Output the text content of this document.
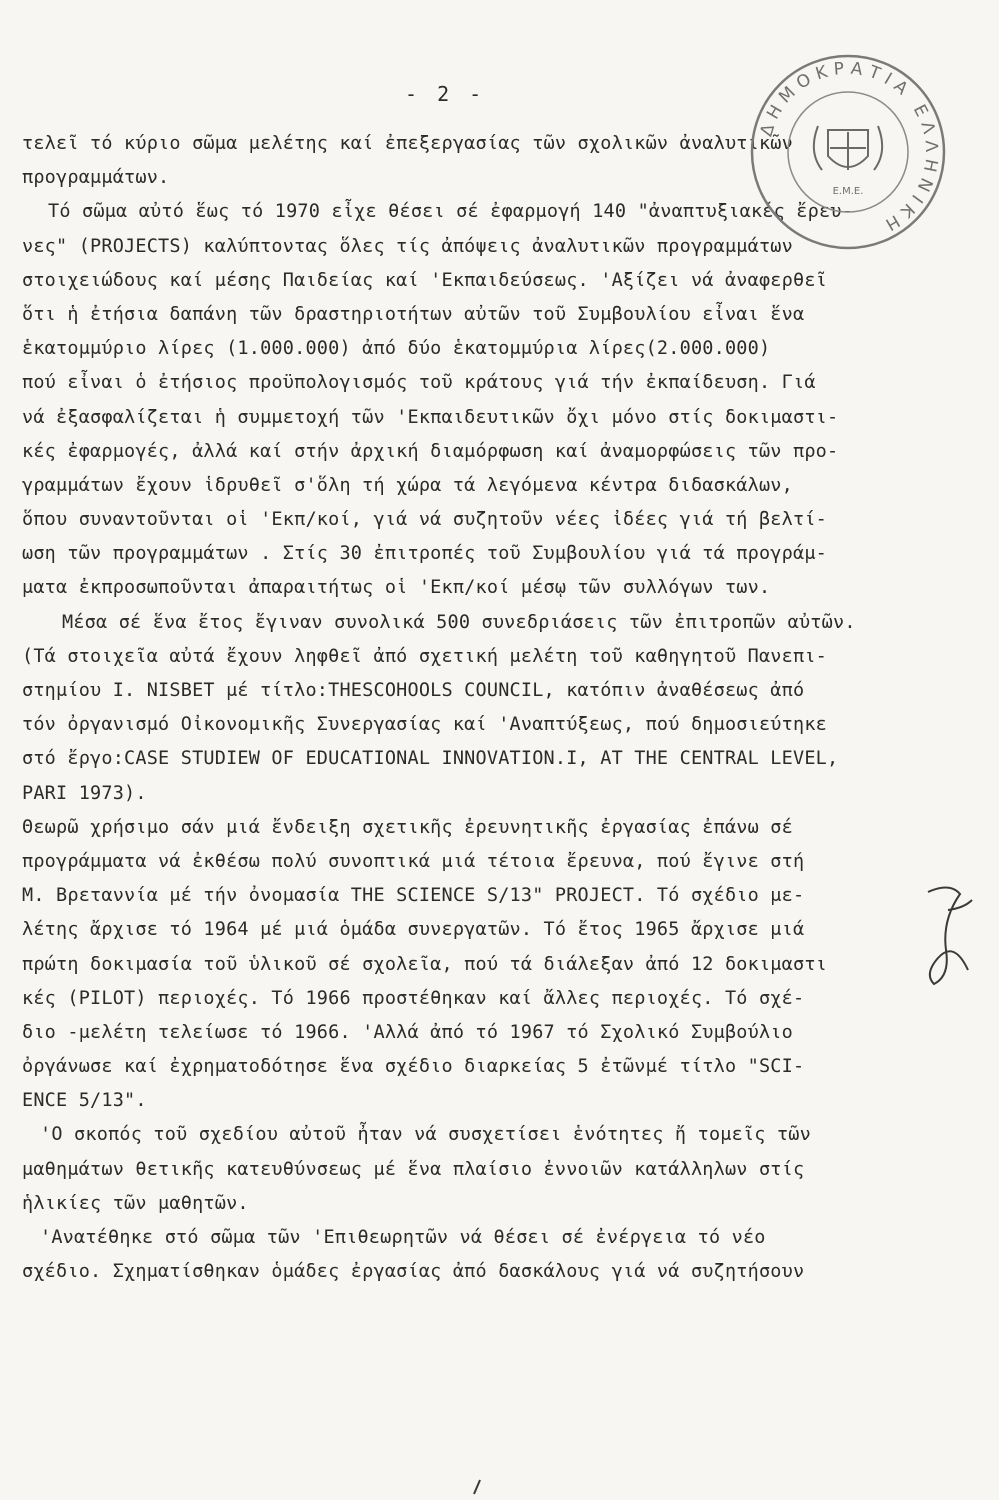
- 2 -
τελεῖ τό κύριο σῶμα μελέτης καί ἐπεξεργασίας τῶν σχολικῶν ἀναλυτικῶν
προγραμμάτων.
Τό σῶμα αὐτό ἕως τό 1970 εἶχε θέσει σέ ἐφαρμογή 140 "ἀναπτυξιακές ἔρευ-
νες" (PROJECTS) καλύπτοντας ὅλες τίς ἀπόψεις ἀναλυτικῶν προγραμμάτων
στοιχειώδους καί μέσης Παιδείας καί 'Εκπαιδεύσεως. 'Αξίζει νά ἀναφερθεῖ
ὅτι ἡ ἐτήσια δαπάνη τῶν δραστηριοτήτων αὐτῶν τοῦ Συμβουλίου εἶναι ἕνα
ἑκατομμύριο λίρες (1.000.000) ἀπό δύο ἑκατομμύρια λίρες(2.000.000)
πού εἶναι ὁ ἐτήσιος προϋπολογισμός τοῦ κράτους γιά τήν ἐκπαίδευση. Γιά
νά ἐξασφαλίζεται ἡ συμμετοχή τῶν 'Εκπαιδευτικῶν ὄχι μόνο στίς δοκιμαστι-
κές ἐφαρμογές, ἀλλά καί στήν ἀρχική διαμόρφωση καί ἀναμορφώσεις τῶν προ-
γραμμάτων ἔχουν ἱδρυθεῖ σ'ὅλη τή χώρα τά λεγόμενα κέντρα διδασκάλων,
ὅπου συναντοῦνται οἱ 'Εκπ/κοί, γιά νά συζητοῦν νέες ἰδέες γιά τή βελτί-
ωση τῶν προγραμμάτων . Στίς 30 ἐπιτροπές τοῦ Συμβουλίου γιά τά προγράμ-
ματα ἐκπροσωποῦνται ἀπαραιτήτως οἱ 'Εκπ/κοί μέσῳ τῶν συλλόγων των.
Μέσα σέ ἕνα ἔτος ἔγιναν συνολικά 500 συνεδριάσεις τῶν ἐπιτροπῶν αὐτῶν.
(Τά στοιχεῖα αὐτά ἔχουν ληφθεῖ ἀπό σχετική μελέτη τοῦ καθηγητοῦ Πανεπι-
στημίου I. NISBET μέ τίτλο:THESCOHOOLS COUNCIL, κατόπιν ἀναθέσεως ἀπό
τόν ὀργανισμό Οἰκονομικῆς Συνεργασίας καί 'Αναπτύξεως, πού δημοσιεύτηκε
στό ἔργο:CASE STUDIEW OF EDUCATIONAL INNOVATION.I, AT THE CENTRAL LEVEL,
PARI 1973).
Θεωρῶ χρήσιμο σάν μιά ἔνδειξη σχετικῆς ἐρευνητικῆς ἐργασίας ἐπάνω σέ
προγράμματα νά ἐκθέσω πολύ συνοπτικά μιά τέτοια ἔρευνα, πού ἔγινε στή
Μ. Βρεταννία μέ τήν ὀνομασία THE SCIENCE S/13" PROJECT. Τό σχέδιο με-
λέτης ἄρχισε τό 1964 μέ μιά ὁμάδα συνεργατῶν. Τό ἔτος 1965 ἄρχισε μιά
πρώτη δοκιμασία τοῦ ὑλικοῦ σέ σχολεῖα, πού τά διάλεξαν ἀπό 12 δοκιμαστι
κές (PILOT) περιοχές. Τό 1966 προστέθηκαν καί ἄλλες περιοχές. Τό σχέ-
διο -μελέτη τελείωσε τό 1966. 'Αλλά ἀπό τό 1967 τό Σχολικό Συμβούλιο
ὀργάνωσε καί ἐχρηματοδότησε ἕνα σχέδιο διαρκείας 5 ἐτῶνμέ τίτλο "SCI-
ENCE 5/13".
'Ο σκοπός τοῦ σχεδίου αὐτοῦ ἦταν νά συσχετίσει ἑνότητες ἤ τομεῖς τῶν
μαθημάτων θετικῆς κατευθύνσεως μέ ἕνα πλαίσιο ἐννοιῶν κατάλληλων στίς
ἡλικίες τῶν μαθητῶν.
'Ανατέθηκε στό σῶμα τῶν 'Επιθεωρητῶν νά θέσει σέ ἐνέργεια τό νέο
σχέδιο. Σχηματίσθηκαν ὁμάδες ἐργασίας ἀπό δασκάλους γιά νά συζητήσουν
ΔΗΜΟΚΡΑΤΙΑ ΕΛΛΗΝΙΚΗ
Ε.Μ.Ε.
